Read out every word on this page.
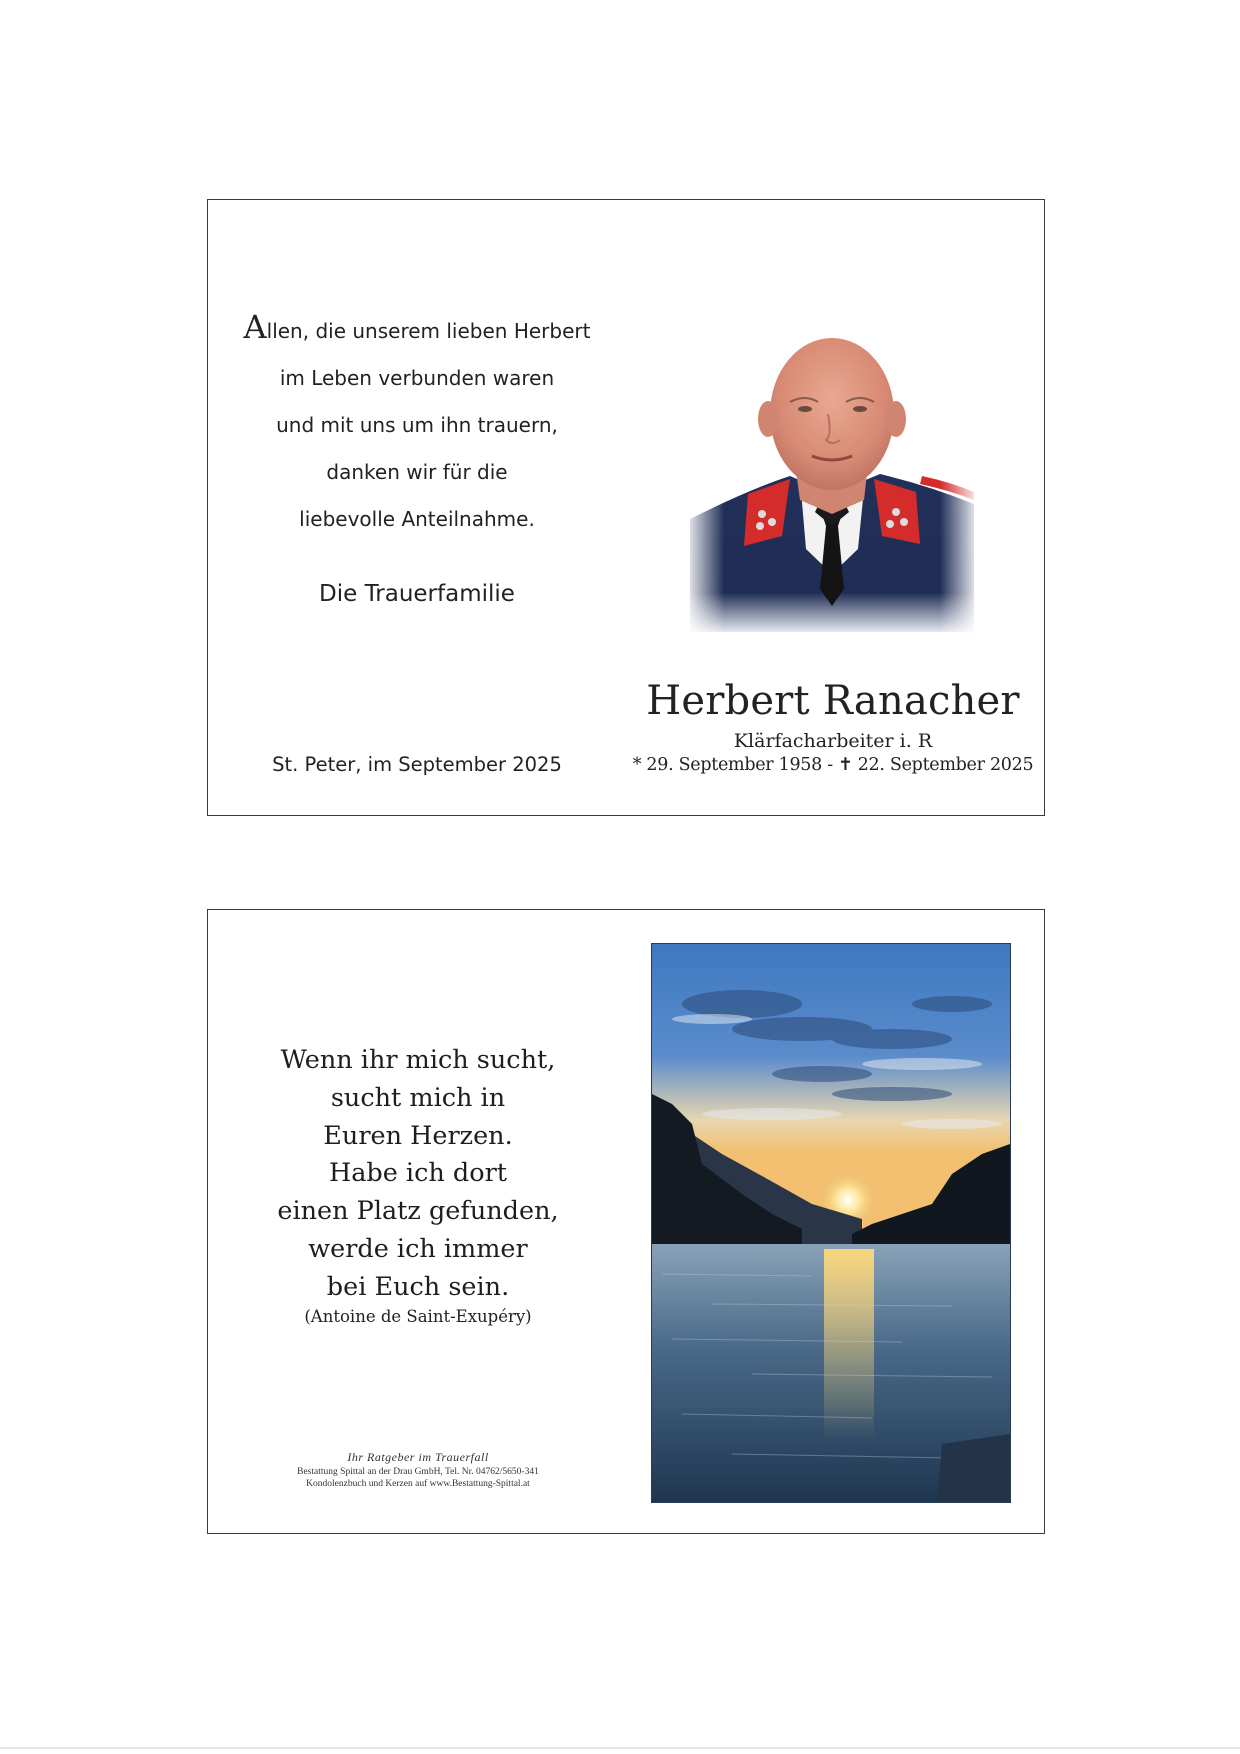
Allen, die unserem lieben Herbert
im Leben verbunden waren
und mit uns um ihn trauern,
danken wir für die
liebevolle Anteilnahme.
Die Trauerfamilie
St. Peter, im September 2025
Herbert Ranacher
Klärfacharbeiter i. R
* 29. September 1958 - ✝ 22. September 2025
Wenn ihr mich sucht,
sucht mich in
Euren Herzen.
Habe ich dort
einen Platz gefunden,
werde ich immer
bei Euch sein.
(Antoine de Saint-Exupéry)
Ihr Ratgeber im Trauerfall
Bestattung Spittal an der Drau GmbH, Tel. Nr. 04762/5650-341
Kondolenzbuch und Kerzen auf www.Bestattung-Spittal.at
